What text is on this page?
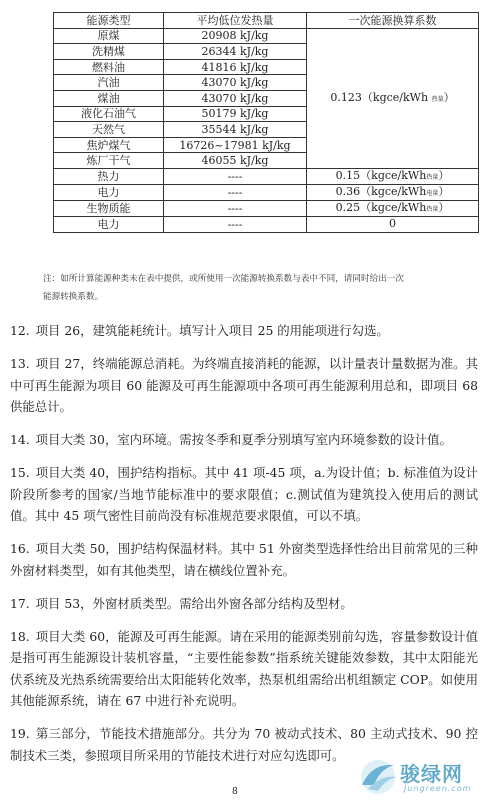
能源类型	平均低位发热量	一次能源换算系数
原煤	20908 kJ/kg	0.123（kgce/kWh 热量）
洗精煤	26344 kJ/kg	
燃料油	41816 kJ/kg	
汽油	43070 kJ/kg	
煤油	43070 kJ/kg	
液化石油气	50179 kJ/kg	
天然气	35544 kJ/kg	
焦炉煤气	16726~17981 kJ/kg	
炼厂干气	46055 kJ/kg	
热力	----	0.15（kgce/kWh热量）
电力	----	0.36（kgce/kWh电量）
生物质能	----	0.25（kgce/kWh热量）
电力	----	0
注：如所计算能源种类未在表中提供，或所使用一次能源转换系数与表中不同，请同时给出一次
能源转换系数。

12. 项目 26，建筑能耗统计。填写计入项目 25 的用能项进行勾选。

13. 项目 27，终端能源总消耗。为终端直接消耗的能源，以计量表计量数据为准。其中可再生能源为项目 60 能源及可再生能源项中各项可再生能源利用总和，即项目 68 供能总计。

14. 项目大类 30，室内环境。需按冬季和夏季分别填写室内环境参数的设计值。

15. 项目大类 40，围护结构指标。其中 41 项-45 项，a.为设计值；b. 标准值为设计阶段所参考的国家/当地节能标准中的要求限值；c.测试值为建筑投入使用后的测试值。其中 45 项气密性目前尚没有标准规范要求限值，可以不填。

16. 项目大类 50，围护结构保温材料。其中 51 外窗类型选择性给出目前常见的三种外窗材料类型，如有其他类型，请在横线位置补充。

17. 项目 53，外窗材质类型。需给出外窗各部分结构及型材。

18. 项目大类 60，能源及可再生能源。请在采用的能源类别前勾选，容量参数设计值是指可再生能源设计装机容量，“主要性能参数”指系统关键能效参数，其中太阳能光伏系统及光热系统需要给出太阳能转化效率，热泵机组需给出机组额定 COP。如使用其他能源系统，请在 67 中进行补充说明。

19. 第三部分，节能技术措施部分。共分为 70 被动式技术、80 主动式技术、90 控制技术三类，参照项目所采用的节能技术进行对应勾选即可。

8
骏绿网
Jungreen.com
